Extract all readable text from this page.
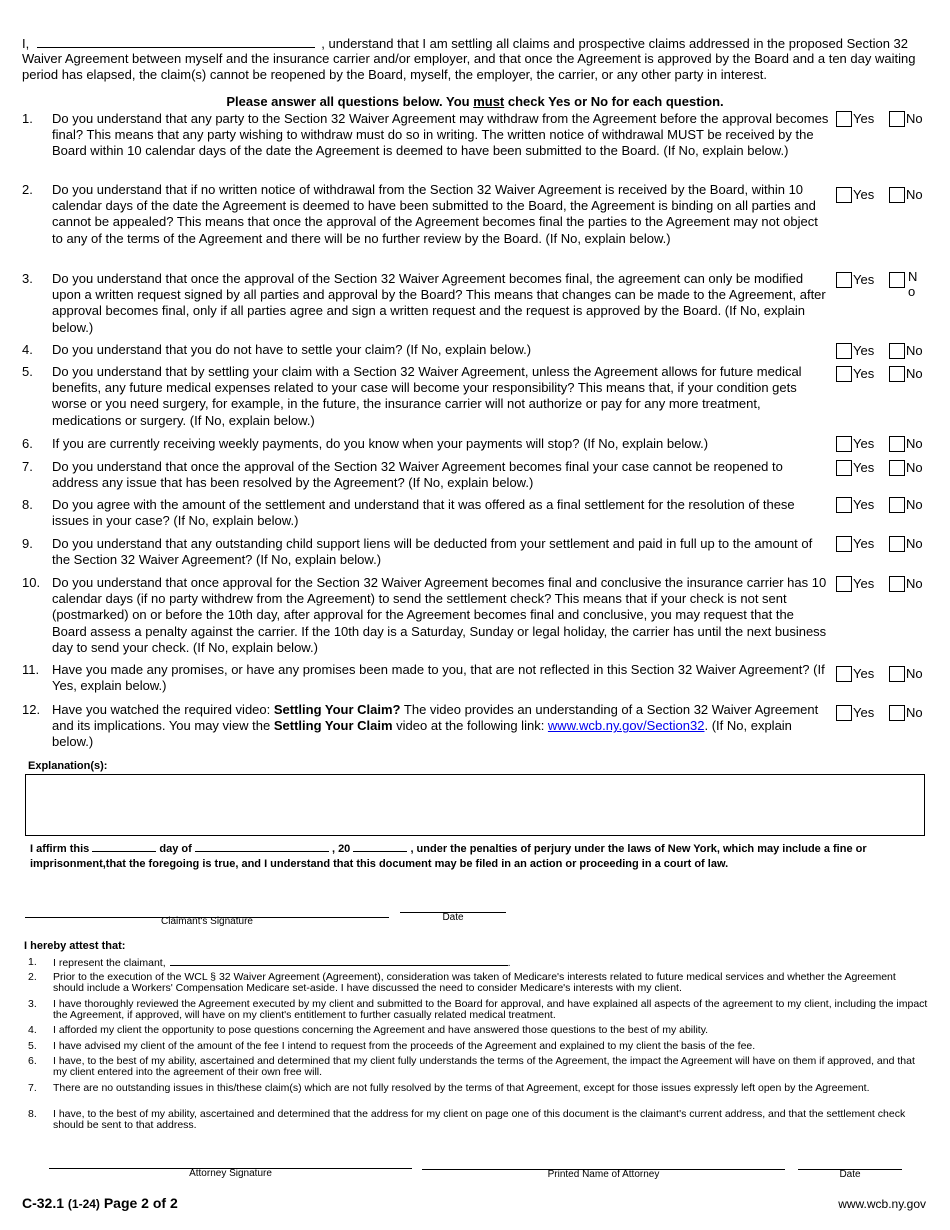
I,	, understand that I am settling all claims and prospective claims addressed in the proposed Section 32 Waiver Agreement between myself and the insurance carrier and/or employer, and that once the Agreement is approved by the Board and a ten day waiting period has elapsed, the claim(s) cannot be reopened by the Board, myself, the employer, the carrier, or any other party in interest.
Please answer all questions below. You must check Yes or No for each question.
1.	Do you understand that any party to the Section 32 Waiver Agreement may withdraw from the Agreement before the approval becomes final? This means that any party wishing to withdraw must do so in writing. The written notice of withdrawal MUST be received by the Board within 10 calendar days of the date the Agreement is deemed to have been submitted to the Board. (If No, explain below.)
Yes No
2.	Do you understand that if no written notice of withdrawal from the Section 32 Waiver Agreement is received by the Board, within 10 calendar days of the date the Agreement is deemed to have been submitted to the Board, the Agreement is binding on all parties and cannot be appealed? This means that once the approval of the Agreement becomes final the parties to the Agreement may not object to any of the terms of the Agreement and there will be no further review by the Board. (If No, explain below.)
Yes No
3.	Do you understand that once the approval of the Section 32 Waiver Agreement becomes final, the agreement can only be modified upon a written request signed by all parties and approval by the Board? This means that changes can be made to the Agreement, after approval becomes final, only if all parties agree and sign a written request and the request is approved by the Board. (If No, explain below.)
Yes	N o
4.	Do you understand that you do not have to settle your claim? (If No, explain below.)	Yes No
5.	Do you understand that by settling your claim with a Section 32 Waiver Agreement, unless the Agreement allows for future medical benefits, any future medical expenses related to your case will become your responsibility? This means that, if your condition gets worse or you need surgery, for example, in the future, the insurance carrier will not authorize or pay for any more treatment, medications or surgery. (If No, explain below.)
Yes No
6.	If you are currently receiving weekly payments, do you know when your payments will stop? (If No, explain below.)	Yes No
7.	Do you understand that once the approval of the Section 32 Waiver Agreement becomes final your case cannot be reopened to address any issue that has been resolved by the Agreement? (If No, explain below.)
Yes No
8.	Do you agree with the amount of the settlement and understand that it was offered as a final settlement for the resolution of these issues in your case? (If No, explain below.)
Yes No
9.	Do you understand that any outstanding child support liens will be deducted from your settlement and paid in full up to the amount of the Section 32 Waiver Agreement? (If No, explain below.)
Yes No
10. Do you understand that once approval for the Section 32 Waiver Agreement becomes final and conclusive the insurance carrier has 10 calendar days (if no party withdrew from the Agreement) to send the settlement check? This means that if your check is not sent (postmarked) on or before the 10th day, after approval for the Agreement becomes final and conclusive, you may request that the Board assess a penalty against the carrier. If the 10th day is a Saturday, Sunday or legal holiday, the carrier has until the next business day to send your check. (If No, explain below.)
Yes No
11. Have you made any promises, or have any promises been made to you, that are not reflected in this Section 32 Waiver Agreement? (If Yes, explain below.)
Yes No
12. Have you watched the required video: Settling Your Claim? The video provides an understanding of a Section 32 Waiver Agreement and its implications. You may view the Settling Your Claim video at the following link: www.wcb.ny.gov/Section32. (If No, explain below.)
Yes No
Explanation(s):
I affirm this	day of	, 20	, under the penalties of perjury under the laws of New York, which may include a fine or imprisonment,that the foregoing is true, and I understand that this document may be filed in an action or proceeding in a court of law.
Claimant's Signature	Date
I hereby attest that:
1. I represent the claimant,	.
2. Prior to the execution of the WCL § 32 Waiver Agreement (Agreement), consideration was taken of Medicare's interests related to future medical services and whether the Agreement should include a Workers' Compensation Medicare set-aside. I have discussed the need to consider Medicare's interests with my client.
3. I have thoroughly reviewed the Agreement executed by my client and submitted to the Board for approval, and have explained all aspects of the agreement to my client, including the impact the Agreement, if approved, will have on my client's entitlement to further casually related medical treatment.
4. I afforded my client the opportunity to pose questions concerning the Agreement and have answered those questions to the best of my ability.
5. I have advised my client of the amount of the fee I intend to request from the proceeds of the Agreement and explained to my client the basis of the fee.
6. I have, to the best of my ability, ascertained and determined that my client fully understands the terms of the Agreement, the impact the Agreement will have on them if approved, and that my client entered into the agreement of their own free will.
7. There are no outstanding issues in this/these claim(s) which are not fully resolved by the terms of that Agreement, except for those issues expressly left open by the Agreement.
8. I have, to the best of my ability, ascertained and determined that the address for my client on page one of this document is the claimant's current address, and that the settlement check should be sent to that address.
Attorney Signature	Printed Name of Attorney	Date
C-32.1 (1-24) Page 2 of 2	www.wcb.ny.gov
